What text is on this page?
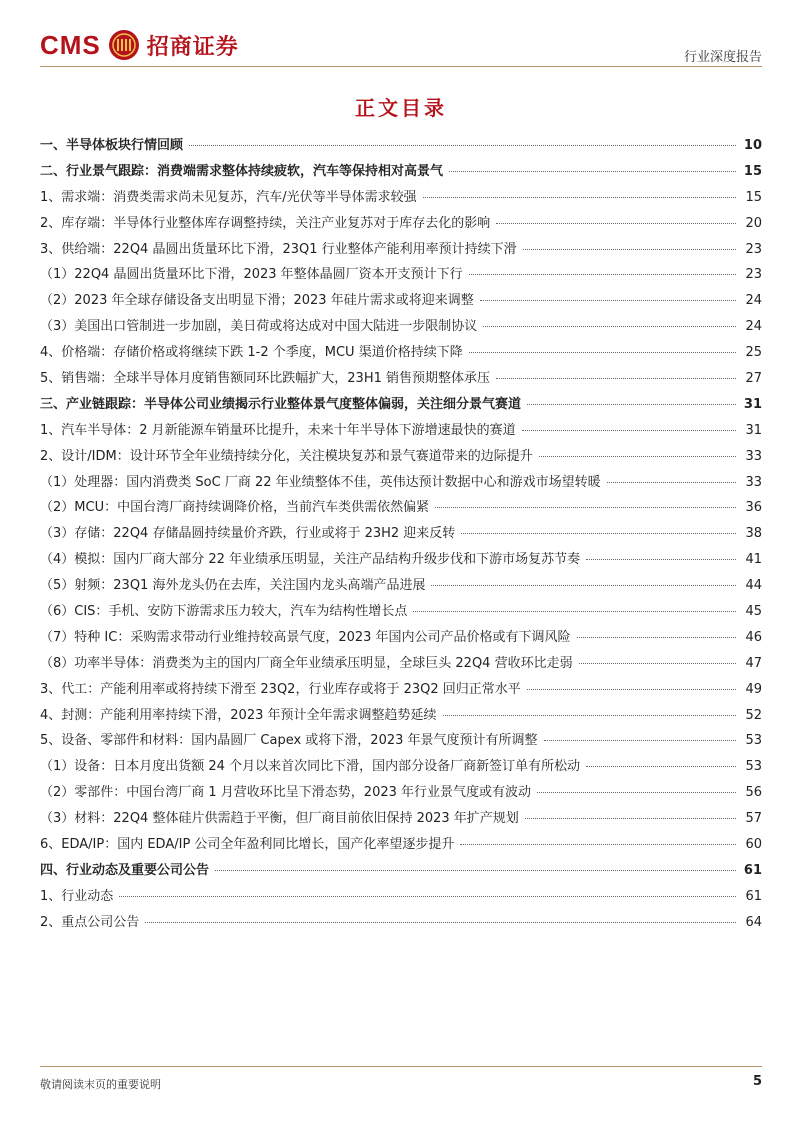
CMS 招商证券	行业深度报告
正文目录
一、半导体板块行情回顾	10
二、行业景气跟踪：消费端需求整体持续疲软，汽车等保持相对高景气	15
1、需求端：消费类需求尚未见复苏，汽车/光伏等半导体需求较强	15
2、库存端：半导体行业整体库存调整持续，关注产业复苏对于库存去化的影响	20
3、供给端：22Q4 晶圆出货量环比下滑，23Q1 行业整体产能利用率预计持续下滑	23
（1）22Q4 晶圆出货量环比下滑，2023 年整体晶圆厂资本开支预计下行	23
（2）2023 年全球存储设备支出明显下滑；2023 年硅片需求或将迎来调整	24
（3）美国出口管制进一步加剧，美日荷或将达成对中国大陆进一步限制协议	24
4、价格端：存储价格或将继续下跌 1-2 个季度，MCU 渠道价格持续下降	25
5、销售端：全球半导体月度销售额同环比跌幅扩大，23H1 销售预期整体承压	27
三、产业链跟踪：半导体公司业绩揭示行业整体景气度整体偏弱，关注细分景气赛道	31
1、汽车半导体：2 月新能源车销量环比提升，未来十年半导体下游增速最快的赛道	31
2、设计/IDM：设计环节全年业绩持续分化，关注模块复苏和景气赛道带来的边际提升	33
（1）处理器：国内消费类 SoC 厂商 22 年业绩整体不佳，英伟达预计数据中心和游戏市场望转暖	33
（2）MCU：中国台湾厂商持续调降价格，当前汽车类供需依然偏紧	36
（3）存储：22Q4 存储晶圆持续量价齐跌，行业或将于 23H2 迎来反转	38
（4）模拟：国内厂商大部分 22 年业绩承压明显，关注产品结构升级步伐和下游市场复苏节奏	41
（5）射频：23Q1 海外龙头仍在去库，关注国内龙头高端产品进展	44
（6）CIS：手机、安防下游需求压力较大，汽车为结构性增长点	45
（7）特种 IC：采购需求带动行业维持较高景气度，2023 年国内公司产品价格或有下调风险	46
（8）功率半导体：消费类为主的国内厂商全年业绩承压明显，全球巨头 22Q4 营收环比走弱	47
3、代工：产能利用率或将持续下滑至 23Q2，行业库存或将于 23Q2 回归正常水平	49
4、封测：产能利用率持续下滑，2023 年预计全年需求调整趋势延续	52
5、设备、零部件和材料：国内晶圆厂 Capex 或将下滑，2023 年景气度预计有所调整	53
（1）设备：日本月度出货额 24 个月以来首次同比下滑，国内部分设备厂商新签订单有所松动	53
（2）零部件：中国台湾厂商 1 月营收环比呈下滑态势，2023 年行业景气度或有波动	56
（3）材料：22Q4 整体硅片供需趋于平衡，但厂商目前依旧保持 2023 年扩产规划	57
6、EDA/IP：国内 EDA/IP 公司全年盈利同比增长，国产化率望逐步提升	60
四、行业动态及重要公司公告	61
1、行业动态	61
2、重点公司公告	64
敬请阅读末页的重要说明	5
